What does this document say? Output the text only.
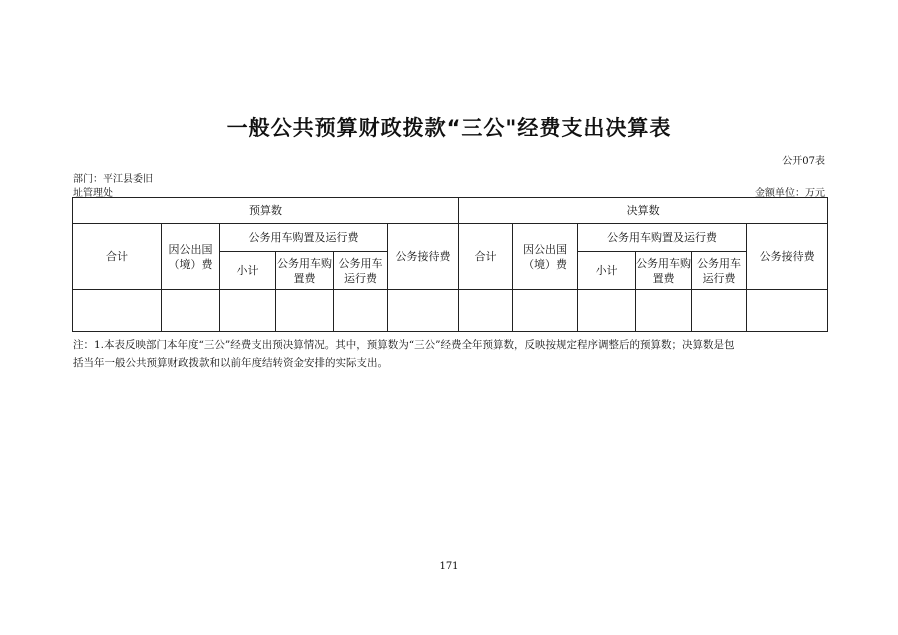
一般公共预算财政拨款“三公"经费支出决算表
公开07表
部门：平江县委旧
址管理处	金额单位：万元
预算数						决算数					
合计	因公出国（境）费	公务用车购置及运行费			公务接待费	合计	因公出国（境）费	公务用车购置及运行费			公务接待费
		小计	公务用车购置费	公务用车运行费				小计	公务用车购置费	公务用车运行费	

注：1.本表反映部门本年度“三公”经费支出预决算情况。其中，预算数为“三公”经费全年预算数，反映按规定程序调整后的预算数；决算数是包
括当年一般公共预算财政拨款和以前年度结转资金安排的实际支出。
171
